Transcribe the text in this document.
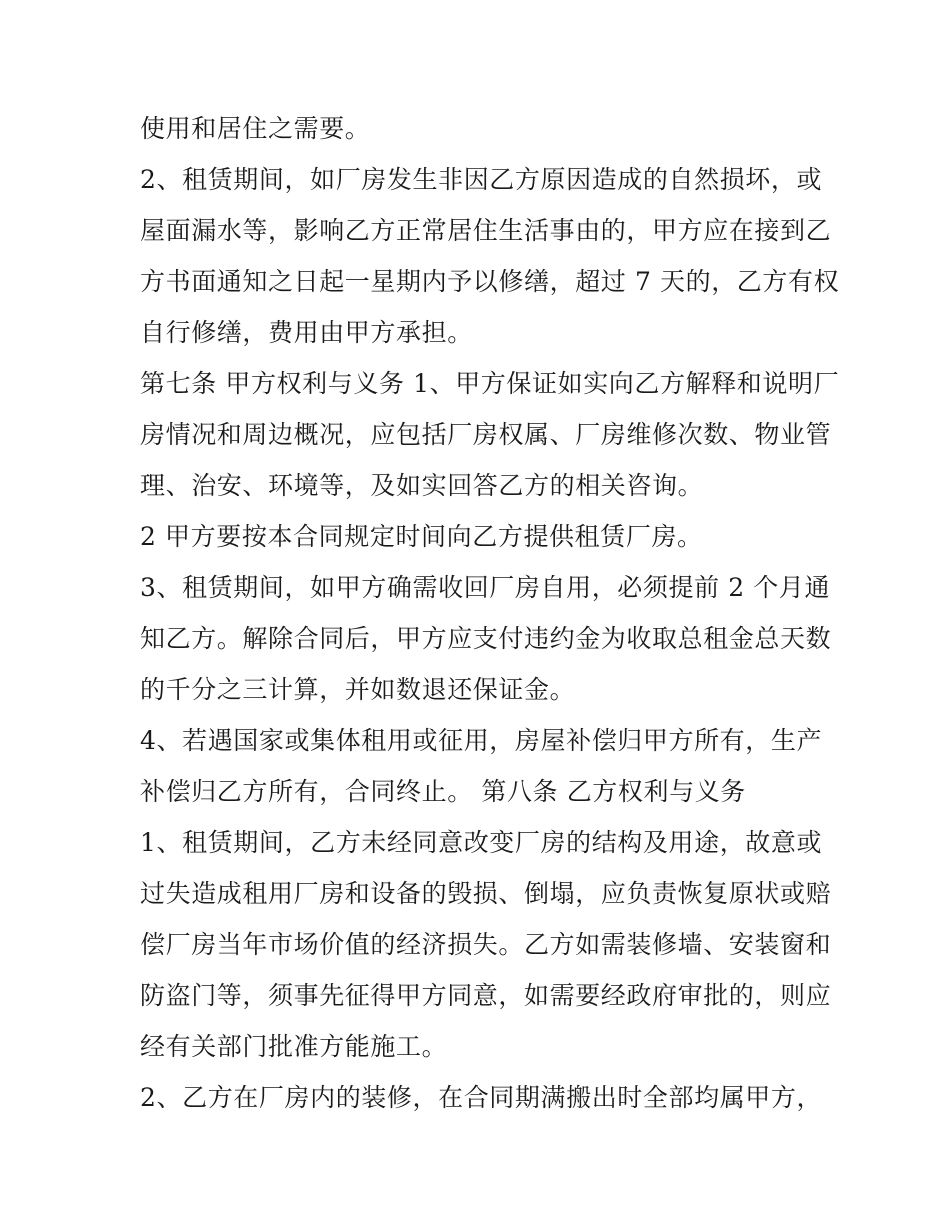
使用和居住之需要。
2、租赁期间，如厂房发生非因乙方原因造成的自然损坏，或
屋面漏水等，影响乙方正常居住生活事由的，甲方应在接到乙
方书面通知之日起一星期内予以修缮，超过 7 天的，乙方有权
自行修缮，费用由甲方承担。
第七条 甲方权利与义务 1、甲方保证如实向乙方解释和说明厂
房情况和周边概况，应包括厂房权属、厂房维修次数、物业管
理、治安、环境等，及如实回答乙方的相关咨询。
2 甲方要按本合同规定时间向乙方提供租赁厂房。
3、租赁期间，如甲方确需收回厂房自用，必须提前 2 个月通
知乙方。解除合同后，甲方应支付违约金为收取总租金总天数
的千分之三计算，并如数退还保证金。
4、若遇国家或集体租用或征用，房屋补偿归甲方所有，生产
补偿归乙方所有，合同终止。 第八条 乙方权利与义务
1、租赁期间，乙方未经同意改变厂房的结构及用途，故意或
过失造成租用厂房和设备的毁损、倒塌，应负责恢复原状或赔
偿厂房当年市场价值的经济损失。乙方如需装修墙、安装窗和
防盗门等，须事先征得甲方同意，如需要经政府审批的，则应
经有关部门批准方能施工。
2、乙方在厂房内的装修，在合同期满搬出时全部均属甲方，
